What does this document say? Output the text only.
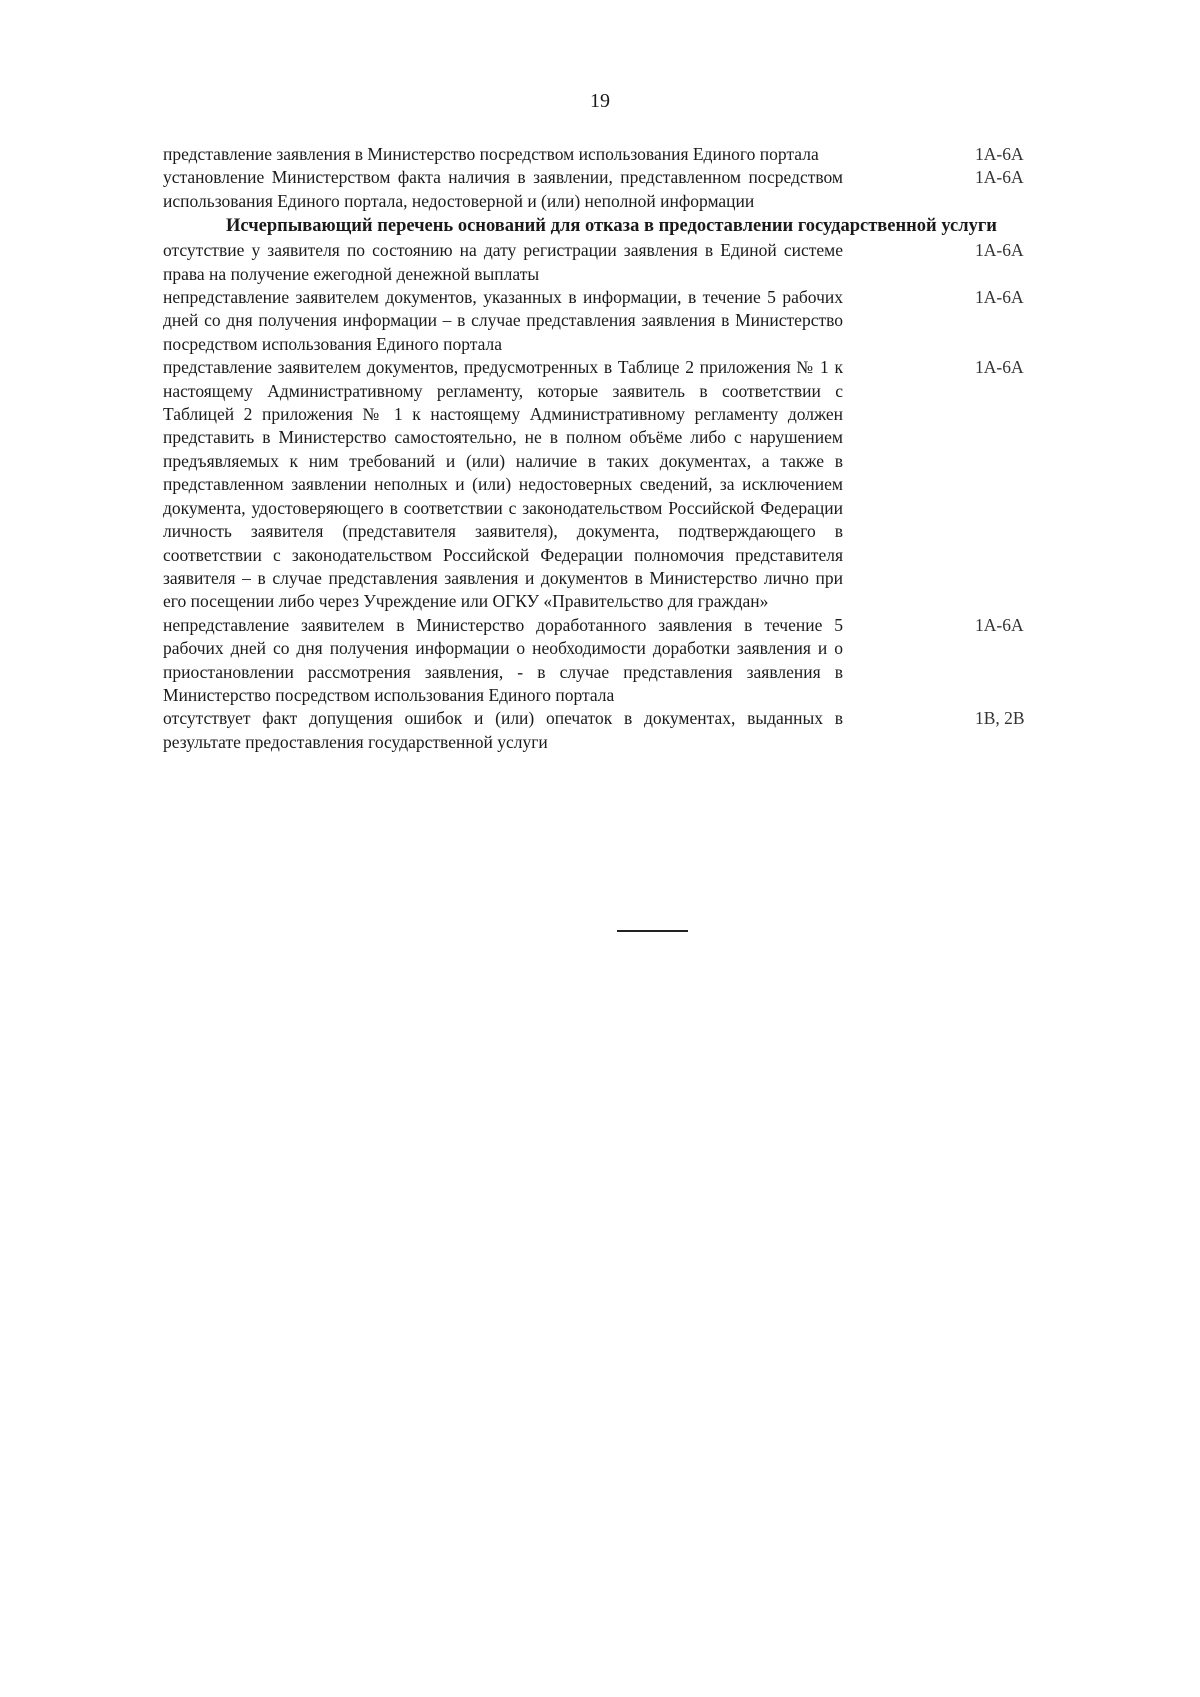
19
представление заявления в Министерство посредством использования Единого портала	1А-6А
установление Министерством факта наличия в заявлении, представленном посредством использования Единого портала, недостоверной и (или) неполной информации
1А-6А
Исчерпывающий перечень оснований для отказа в предоставлении государственной услуги
отсутствие у заявителя по состоянию на дату регистрации заявления в Единой системе права на получение ежегодной денежной выплаты
1А-6А
непредставление заявителем документов, указанных в информации, в течение 5 рабочих дней со дня получения информации – в случае представления заявления в Министерство посредством использования Единого портала
1А-6А
представление заявителем документов, предусмотренных в Таблице 2 приложения № 1 к настоящему Административному регламенту, которые заявитель в соответствии с Таблицей 2 приложения № 1 к настоящему Административному регламенту должен представить в Министерство самостоятельно, не в полном объёме либо с нарушением предъявляемых к ним требований и (или) наличие в таких документах, а также в представленном заявлении неполных и (или) недостоверных сведений, за исключением документа, удостоверяющего в соответствии с законодательством Российской Федерации личность заявителя (представителя заявителя), документа, подтверждающего в соответствии с законодательством Российской Федерации полномочия представителя заявителя – в случае представления заявления и документов в Министерство лично при его посещении либо через Учреждение или ОГКУ «Правительство для граждан»
1А-6А
непредставление заявителем в Министерство доработанного заявления в течение 5 рабочих дней со дня получения информации о необходимости доработки заявления и о приостановлении рассмотрения заявления, - в случае представления заявления в Министерство посредством использования Единого портала
1А-6А
отсутствует факт допущения ошибок и (или) опечаток в документах, выданных в результате предоставления государственной услуги
1В, 2В
